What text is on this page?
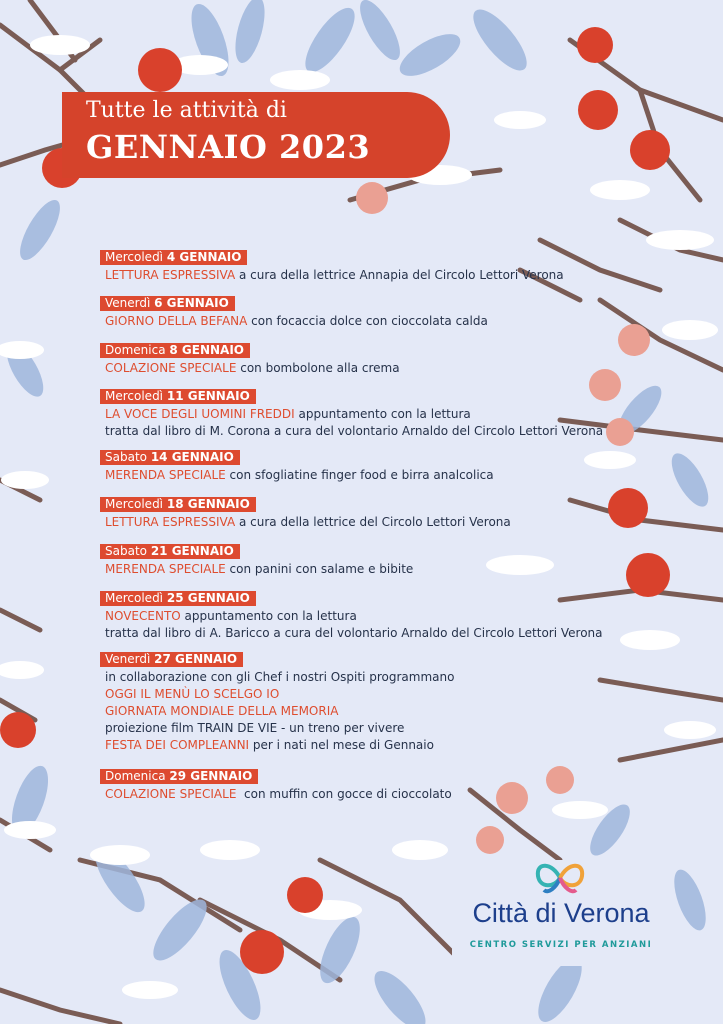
Tutte le attività di
GENNAIO 2023
Mercoledì 4 GENNAIO
LETTURA ESPRESSIVA a cura della lettrice Annapia del Circolo Lettori Verona
Venerdì 6 GENNAIO
GIORNO DELLA BEFANA con focaccia dolce con cioccolata calda
Domenica 8 GENNAIO
COLAZIONE SPECIALE con bombolone alla crema
Mercoledì 11 GENNAIO
LA VOCE DEGLI UOMINI FREDDI appuntamento con la lettura
tratta dal libro di M. Corona a cura del volontario Arnaldo del Circolo Lettori Verona
Sabato 14 GENNAIO
MERENDA SPECIALE con sfogliatine finger food e birra analcolica
Mercoledì 18 GENNAIO
LETTURA ESPRESSIVA a cura della lettrice del Circolo Lettori Verona
Sabato 21 GENNAIO
MERENDA SPECIALE con panini con salame e bibite
Mercoledì 25 GENNAIO
NOVECENTO appuntamento con la lettura
tratta dal libro di A. Baricco a cura del volontario Arnaldo del Circolo Lettori Verona
Venerdì 27 GENNAIO
in collaborazione con gli Chef i nostri Ospiti programmano
OGGI IL MENÙ LO SCELGO IO
GIORNATA MONDIALE DELLA MEMORIA
proiezione film TRAIN DE VIE - un treno per vivere
FESTA DEI COMPLEANNI per i nati nel mese di Gennaio
Domenica 29 GENNAIO
COLAZIONE SPECIALE  con muffin con gocce di cioccolato
Città di Verona
CENTRO SERVIZI PER ANZIANI
